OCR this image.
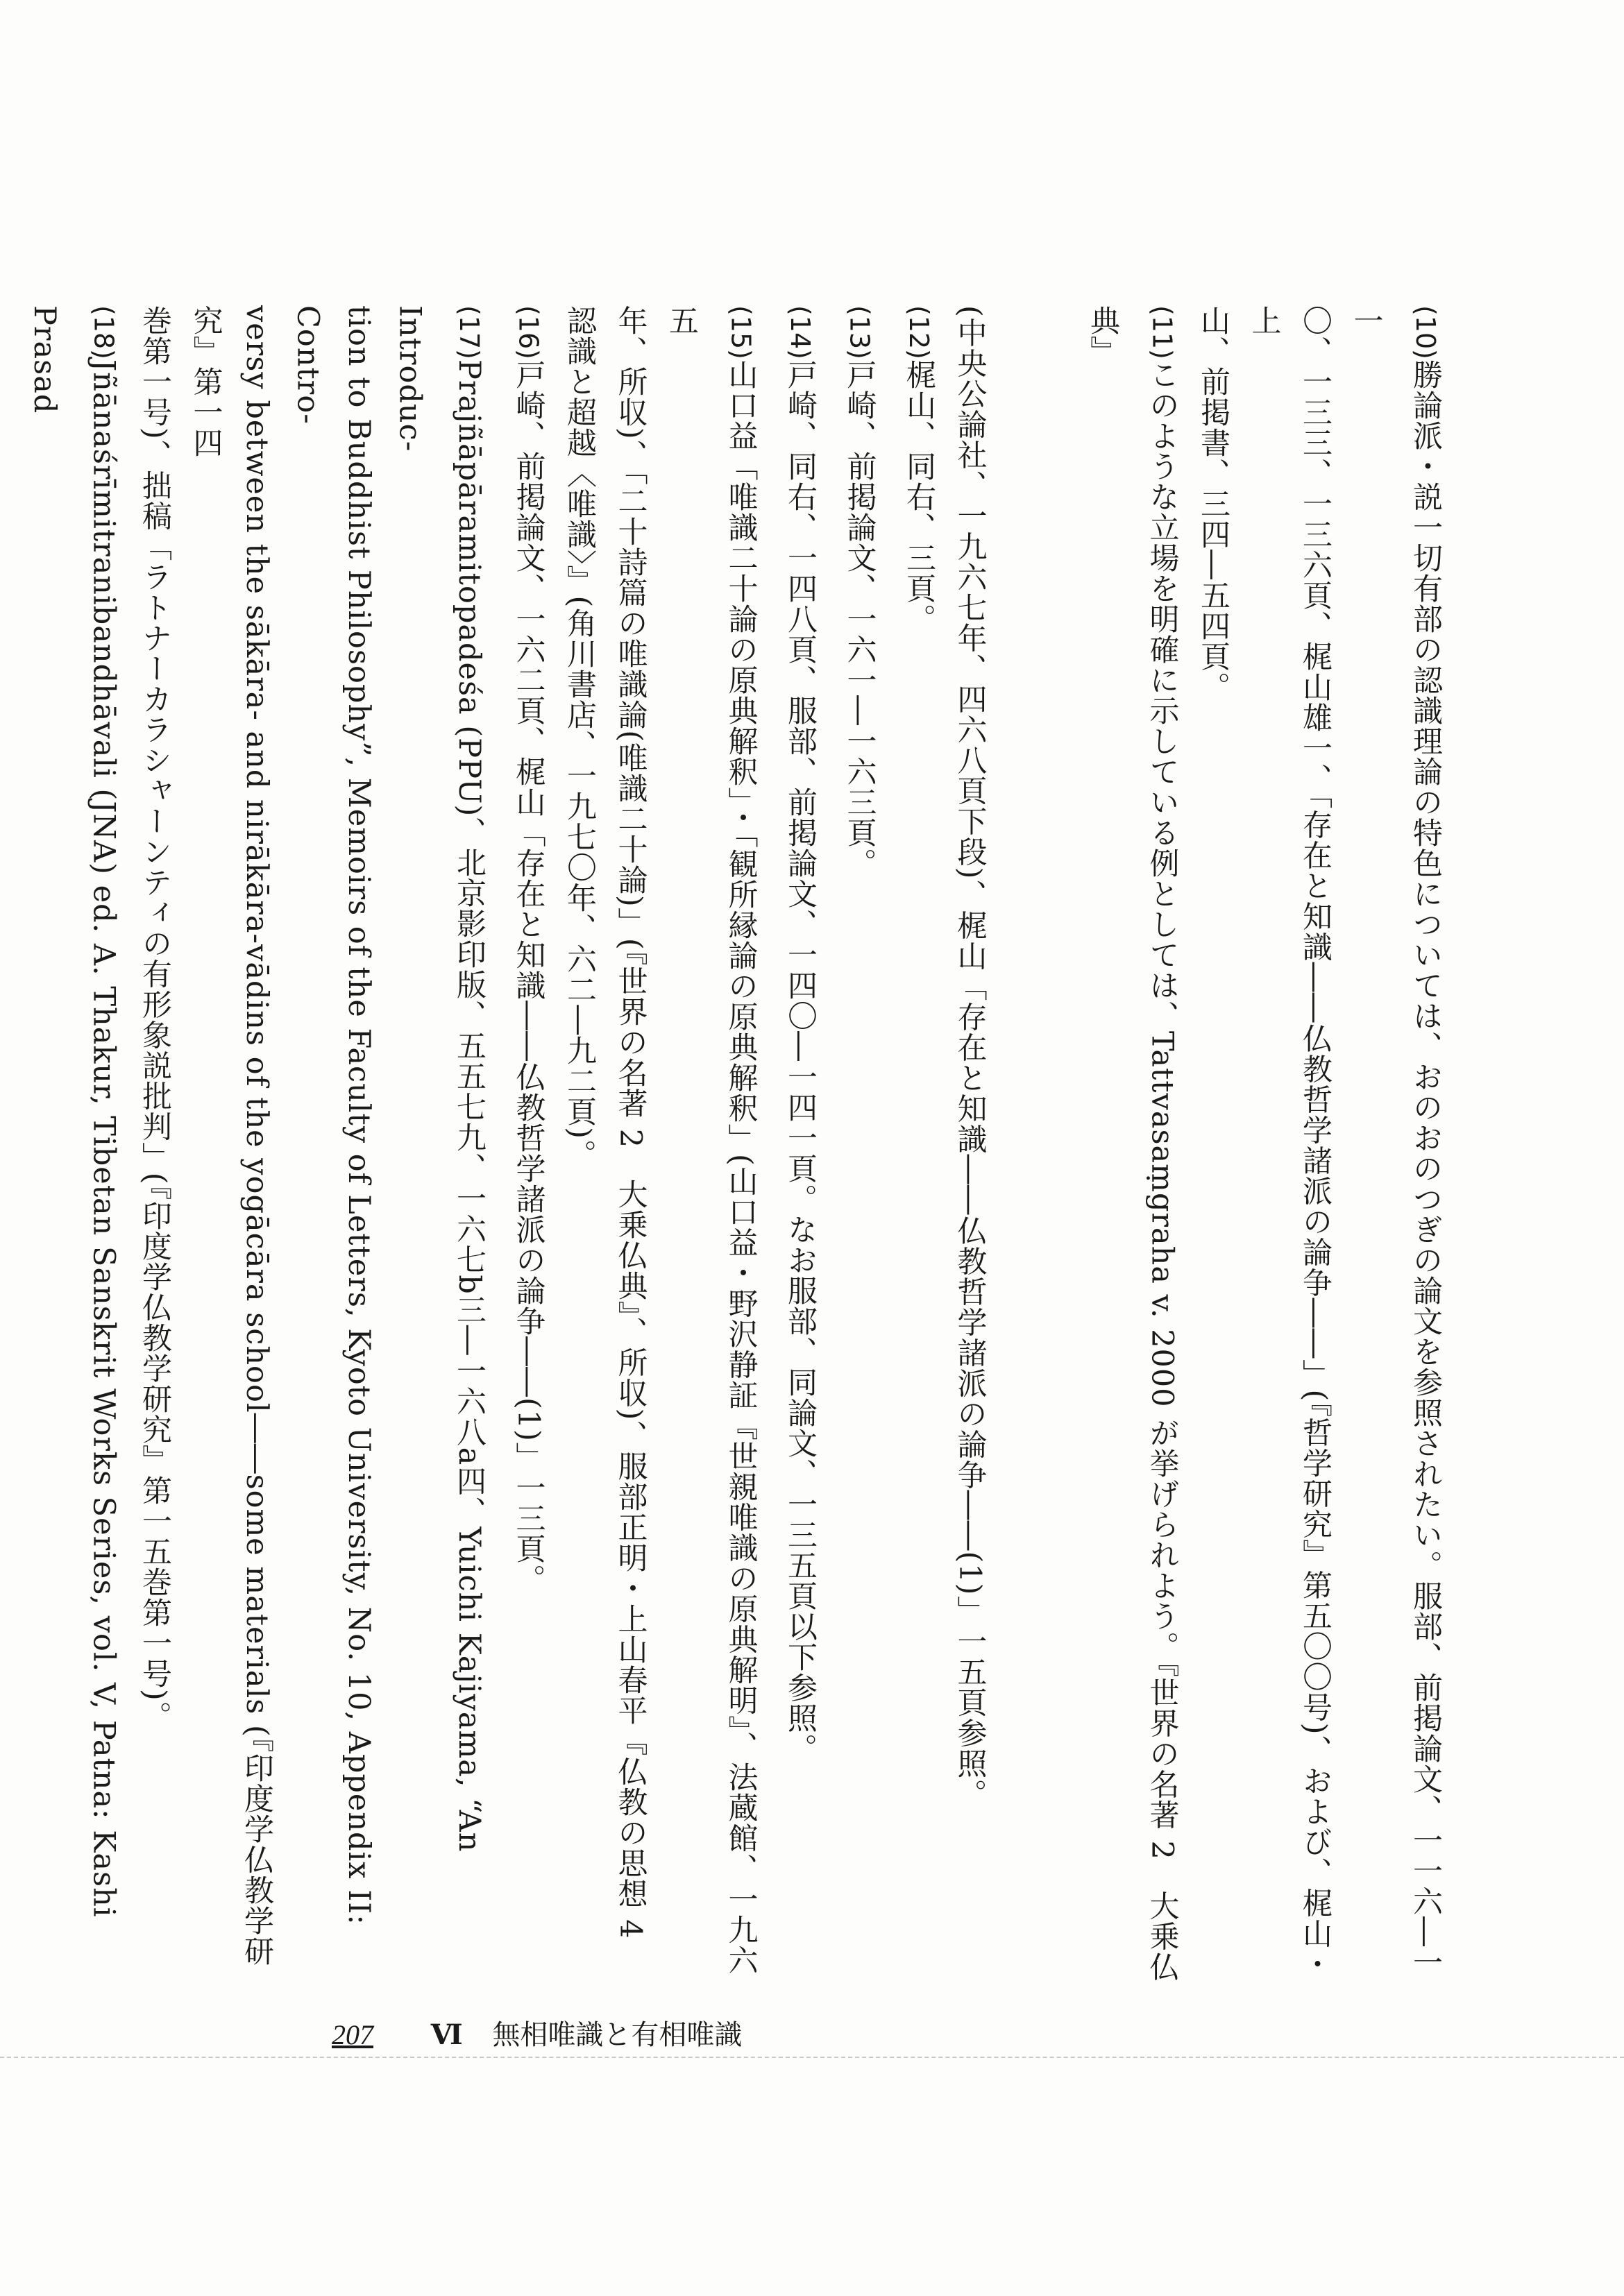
( 10 )勝論派・説一切有部の認識理論の特色については、おのおのつぎの論文を参照されたい。服部、前掲論文、一一六―一一
〇、一三三、一三六頁、梶山雄一、「存在と知識――仏教哲学諸派の論争――」(『哲学研究』第五〇〇号)、および、梶山・上
山、前掲書、三四―五四頁。
( 11 )このような立場を明確に示している例としては、Tattvasaṃgraha v. 2000 が挙げられよう。『世界の名著 2　大乗仏典』
(中央公論社、一九六七年、四六八頁下段)、梶山「存在と知識――仏教哲学諸派の論争――(1)」一五頁参照。
( 12 )梶山、同右、三頁。
( 13 )戸崎、前掲論文、一六一―一六三頁。
( 14 )戸崎、同右、一四八頁、服部、前掲論文、一四〇―一四一頁。なお服部、同論文、一三五頁以下参照。
( 15 )山口益「唯識二十論の原典解釈」・「観所縁論の原典解釈」(山口益・野沢静証『世親唯識の原典解明』、法蔵館、一九六五
年、所収)、「二十詩篇の唯識論(唯識二十論)」(『世界の名著 2　大乗仏典』、所収)、服部正明・上山春平『仏教の思想 4
認識と超越〈唯識〉』(角川書店、一九七〇年、六二―九二頁)。
( 16 )戸崎、前掲論文、一六二頁、梶山「存在と知識――仏教哲学諸派の論争――(1)」一三頁。
( 17 )Prajñāpāramitopadeśa (PPU)、北京影印版、五五七九、一六七b三―一六八a四、Yuichi Kajiyama, “An Introduc-
tion to Buddhist Philosophy”, Memoirs of the Faculty of Letters, Kyoto University, No. 10, Appendix II: Contro-
versy between the sākāra- and nirākāra-vādins of the yogācāra school――some materials (『印度学仏教学研究』第一四
巻第一号)、拙稿「ラトナーカラシャーンティの有形象説批判」(『印度学仏教学研究』第一五巻第一号)。
( 18 )Jñānaśrīmitranibandhāvali (JNA) ed. A. Thakur, Tibetan Sanskrit Works Series, vol. V, Patna: Kashi Prasad
207 Ⅵ 無相唯識と有相唯識
